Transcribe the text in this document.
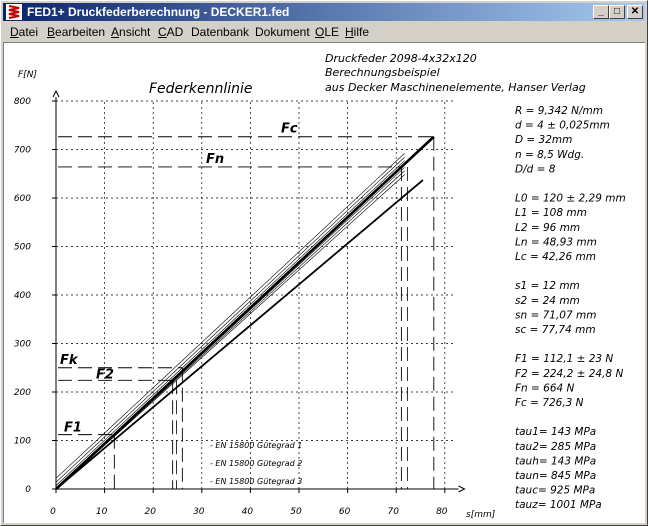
FED1+ Druckfederberechnung - DECKER1.fed	_	□	✕
Datei Bearbeiten Ansicht CAD Datenbank Dokument OLE Hilfe
F1
F2
Fk
Fn
Fc
0	10	20	30	40	50	60	70	80
0
100
200
300
400
500
600
700
800
Federkennlinie
F[N]
s[mm]
- EN 15800 Gütegrad 1
- EN 15800 Gütegrad 2
- EN 15800 Gütegrad 3
Druckfeder 2098-4x32x120
Berechnungsbeispiel
aus Decker Maschinenelemente, Hanser Verlag
R = 9,342 N/mm
d = 4 ± 0,025mm
D = 32mm
n = 8,5 Wdg.
D/d = 8
L0 = 120 ± 2,29 mm
L1 = 108 mm
L2 = 96 mm
Ln = 48,93 mm
Lc = 42,26 mm
s1 = 12 mm
s2 = 24 mm
sn = 71,07 mm
sc = 77,74 mm
F1 = 112,1 ± 23 N
F2 = 224,2 ± 24,8 N
Fn = 664 N
Fc = 726,3 N
tau1= 143 MPa
tau2= 285 MPa
tauh= 143 MPa
taun= 845 MPa
tauc= 925 MPa
tauz= 1001 MPa
